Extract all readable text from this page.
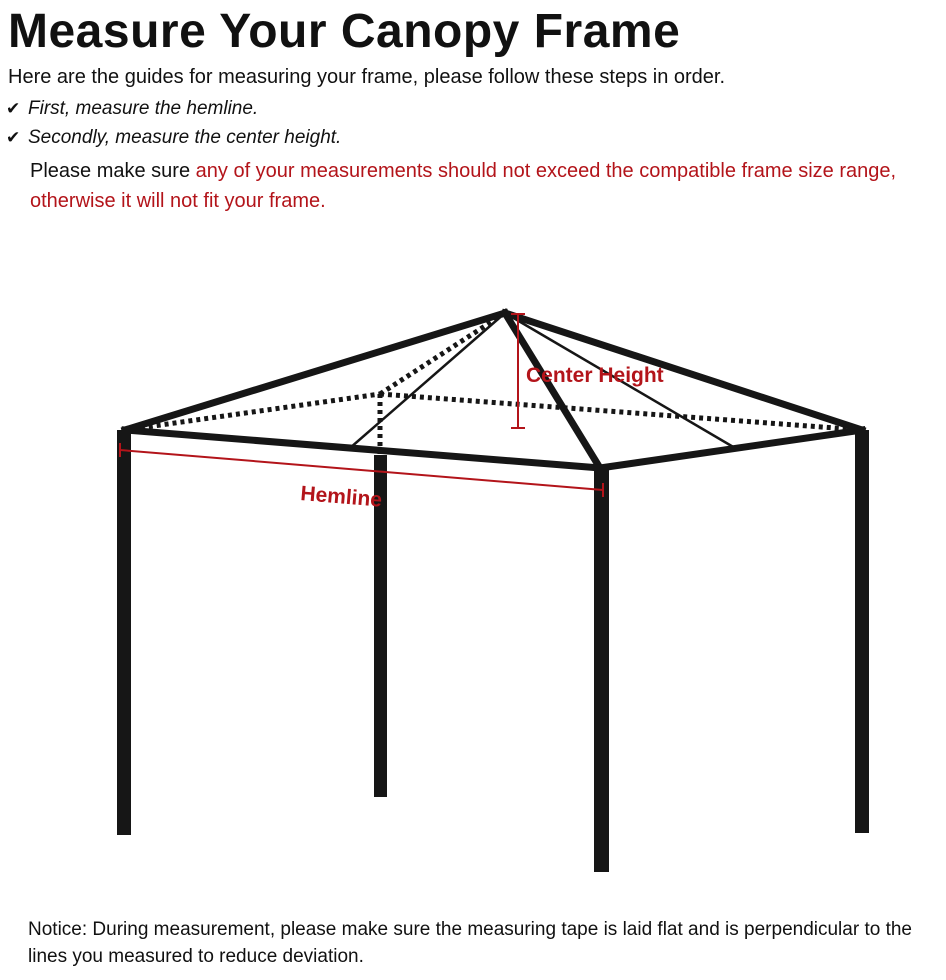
Measure Your Canopy Frame
Here are the guides for measuring your frame, please follow these steps in order.
✔ First, measure the hemline.
✔ Secondly, measure the center height.
Please make sure any of your measurements should not exceed the compatible frame size range, otherwise it will not fit your frame.
Center Height
Hemline
Notice: During measurement, please make sure the measuring tape is laid flat and is perpendicular to the lines you measured to reduce deviation.
